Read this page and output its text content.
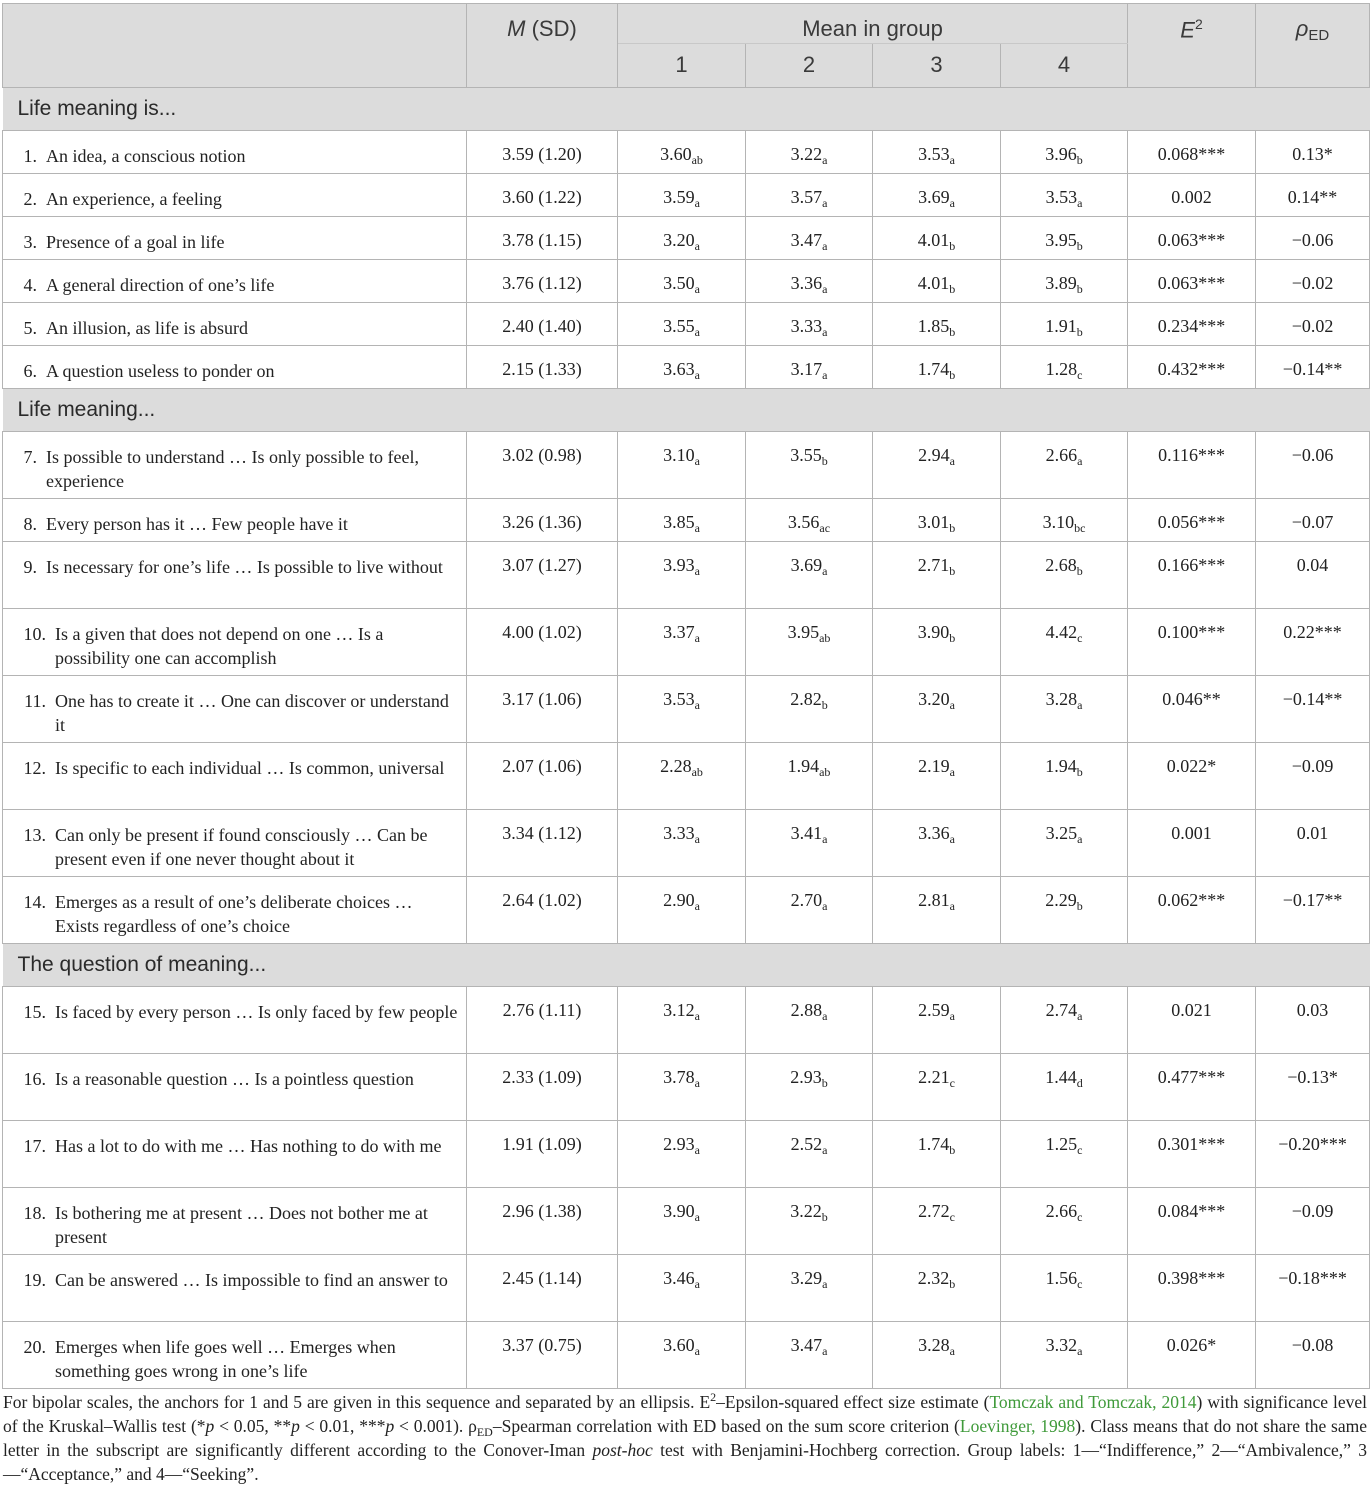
	M (SD)	Mean in group				$E^2$	$\rho_{ED}$
		1	2	3	4		
Life meaning is...							

1. An idea, a conscious notion	3.59 (1.20)	$3.60_{ab}$	$3.22_a$	$3.53_a$	$3.96_b$	0.068***	0.13*

2. An experience, a feeling	3.60 (1.22)	$3.59_a$	$3.57_a$	$3.69_a$	$3.53_a$	0.002	0.14**

3. Presence of a goal in life	3.78 (1.15)	$3.20_a$	$3.47_a$	$4.01_b$	$3.95_b$	0.063***	−0.06

4. A general direction of one’s life	3.76 (1.12)	$3.50_a$	$3.36_a$	$4.01_b$	$3.89_b$	0.063***	−0.02

5. An illusion, as life is absurd	2.40 (1.40)	$3.55_a$	$3.33_a$	$1.85_b$	$1.91_b$	0.234***	−0.02

6. A question useless to ponder on	2.15 (1.33)	$3.63_a$	$3.17_a$	$1.74_b$	$1.28_c$	0.432***	−0.14**
Life meaning...							

7. Is possible to understand … Is only possible to feel, experience	3.02 (0.98)	$3.10_a$	$3.55_b$	$2.94_a$	$2.66_a$	0.116***	−0.06

8. Every person has it … Few people have it	3.26 (1.36)	$3.85_a$	$3.56_{ac}$	$3.01_b$	$3.10_{bc}$	0.056***	−0.07

9. Is necessary for one’s life … Is possible to live without	3.07 (1.27)	$3.93_a$	$3.69_a$	$2.71_b$	$2.68_b$	0.166***	0.04

10. Is a given that does not depend on one … Is a possibility one can accomplish	4.00 (1.02)	$3.37_a$	$3.95_{ab}$	$3.90_b$	$4.42_c$	0.100***	0.22***

11. One has to create it … One can discover or understand it	3.17 (1.06)	$3.53_a$	$2.82_b$	$3.20_a$	$3.28_a$	0.046**	−0.14**

12. Is specific to each individual … Is common, universal	2.07 (1.06)	$2.28_{ab}$	$1.94_{ab}$	$2.19_a$	$1.94_b$	0.022*	−0.09

13. Can only be present if found consciously … Can be present even if one never thought about it	3.34 (1.12)	$3.33_a$	$3.41_a$	$3.36_a$	$3.25_a$	0.001	0.01

14. Emerges as a result of one’s deliberate choices … Exists regardless of one’s choice	2.64 (1.02)	$2.90_a$	$2.70_a$	$2.81_a$	$2.29_b$	0.062***	−0.17**
The question of meaning...							

15. Is faced by every person … Is only faced by few people	2.76 (1.11)	$3.12_a$	$2.88_a$	$2.59_a$	$2.74_a$	0.021	0.03

16. Is a reasonable question … Is a pointless question	2.33 (1.09)	$3.78_a$	$2.93_b$	$2.21_c$	$1.44_d$	0.477***	−0.13*

17. Has a lot to do with me … Has nothing to do with me	1.91 (1.09)	$2.93_a$	$2.52_a$	$1.74_b$	$1.25_c$	0.301***	−0.20***

18. Is bothering me at present … Does not bother me at present	2.96 (1.38)	$3.90_a$	$3.22_b$	$2.72_c$	$2.66_c$	0.084***	−0.09

19. Can be answered … Is impossible to find an answer to	2.45 (1.14)	$3.46_a$	$3.29_a$	$2.32_b$	$1.56_c$	0.398***	−0.18***

20. Emerges when life goes well … Emerges when something goes wrong in one’s life	3.37 (0.75)	$3.60_a$	$3.47_a$	$3.28_a$	$3.32_a$	0.026*	−0.08
For bipolar scales, the anchors for 1 and 5 are given in this sequence and separated by an ellipsis. $E^2-Epsilon$-squared effect size estimate (Tomczak and Tomczak, 2014) with significance level of the Kruskal–Wallis test (*p < 0.05, **p < 0.01, ***p < 0.001). $\rho_{ED}$–Spearman correlation with ED based on the sum score criterion (Loevinger, 1998). Class means that do not share the same letter in the subscript are significantly different according to the Conover-Iman post-hoc test with Benjamini-Hochberg correction. Group labels: 1—“Indifference,” 2—“Ambivalence,” 3—“Acceptance,” and 4—“Seeking”.
